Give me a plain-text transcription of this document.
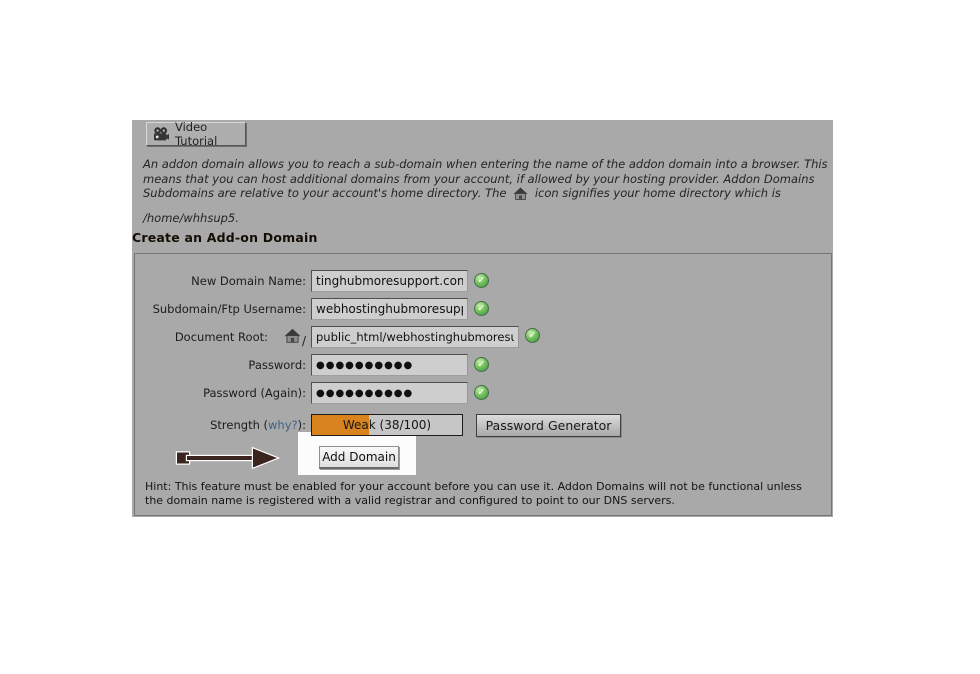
Video Tutorial
An addon domain allows you to reach a sub-domain when entering the name of the addon domain into a browser. This
means that you can host additional domains from your account, if allowed by your hosting provider. Addon Domains
Subdomains are relative to your account's home directory. The icon signifies your home directory which is
/home/whhsup5.
Create an Add-on Domain
New Domain Name:
tinghubmoresupport.com
✓
Subdomain/Ftp Username:
webhostinghubmoresupp
✓
Document Root:	/
public_html/webhostinghubmoresu
✓
Password:
●●●●●●●●●●
✓
Password (Again):
●●●●●●●●●●
✓
Strength (why?):	Weak (38/100)	Password Generator
Add Domain
Hint: This feature must be enabled for your account before you can use it. Addon Domains will not be functional unless
the domain name is registered with a valid registrar and configured to point to our DNS servers.
